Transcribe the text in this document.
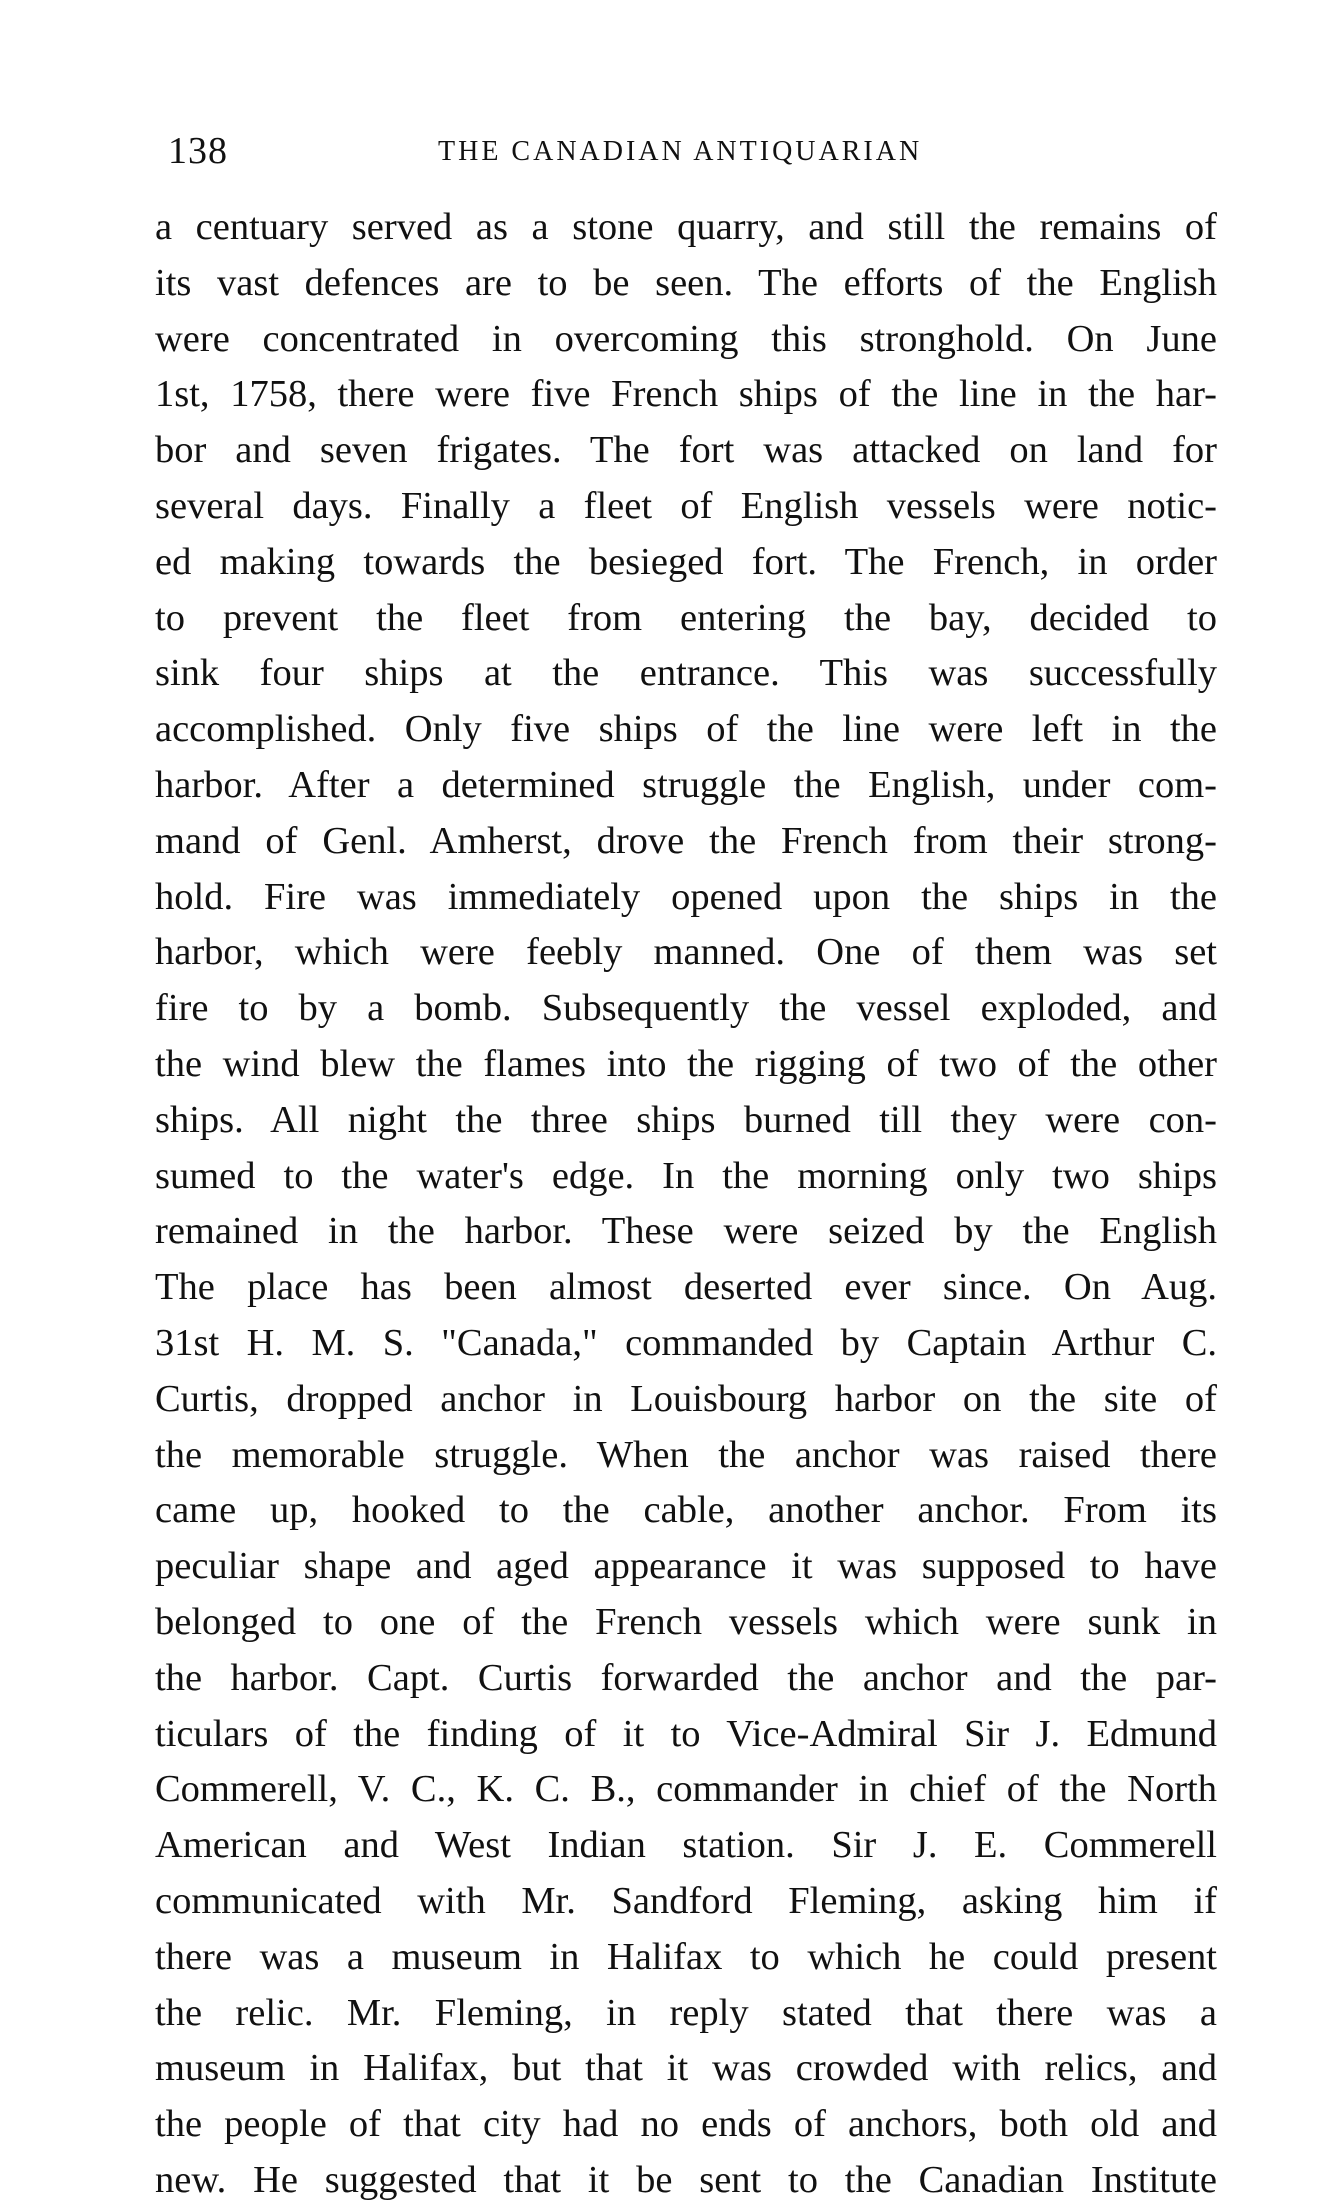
138	THE CANADIAN ANTIQUARIAN
a centuary served as a stone quarry, and still the remains of
its vast defences are to be seen. The efforts of the English
were concentrated in overcoming this stronghold. On June
1st, 1758, there were five French ships of the line in the har-
bor and seven frigates. The fort was attacked on land for
several days. Finally a fleet of English vessels were notic-
ed making towards the besieged fort. The French, in order
to prevent the fleet from entering the bay, decided to
sink four ships at the entrance. This was successfully
accomplished. Only five ships of the line were left in the
harbor. After a determined struggle the English, under com-
mand of Genl. Amherst, drove the French from their strong-
hold. Fire was immediately opened upon the ships in the
harbor, which were feebly manned. One of them was set
fire to by a bomb. Subsequently the vessel exploded, and
the wind blew the flames into the rigging of two of the other
ships. All night the three ships burned till they were con-
sumed to the water's edge. In the morning only two ships
remained in the harbor. These were seized by the English
The place has been almost deserted ever since. On Aug.
31st H. M. S. "Canada," commanded by Captain Arthur C.
Curtis, dropped anchor in Louisbourg harbor on the site of
the memorable struggle. When the anchor was raised there
came up, hooked to the cable, another anchor. From its
peculiar shape and aged appearance it was supposed to have
belonged to one of the French vessels which were sunk in
the harbor. Capt. Curtis forwarded the anchor and the par-
ticulars of the finding of it to Vice-Admiral Sir J. Edmund
Commerell, V. C., K. C. B., commander in chief of the North
American and West Indian station. Sir J. E. Commerell
communicated with Mr. Sandford Fleming, asking him if
there was a museum in Halifax to which he could present
the relic. Mr. Fleming, in reply stated that there was a
museum in Halifax, but that it was crowded with relics, and
the people of that city had no ends of anchors, both old and
new. He suggested that it be sent to the Canadian Institute
